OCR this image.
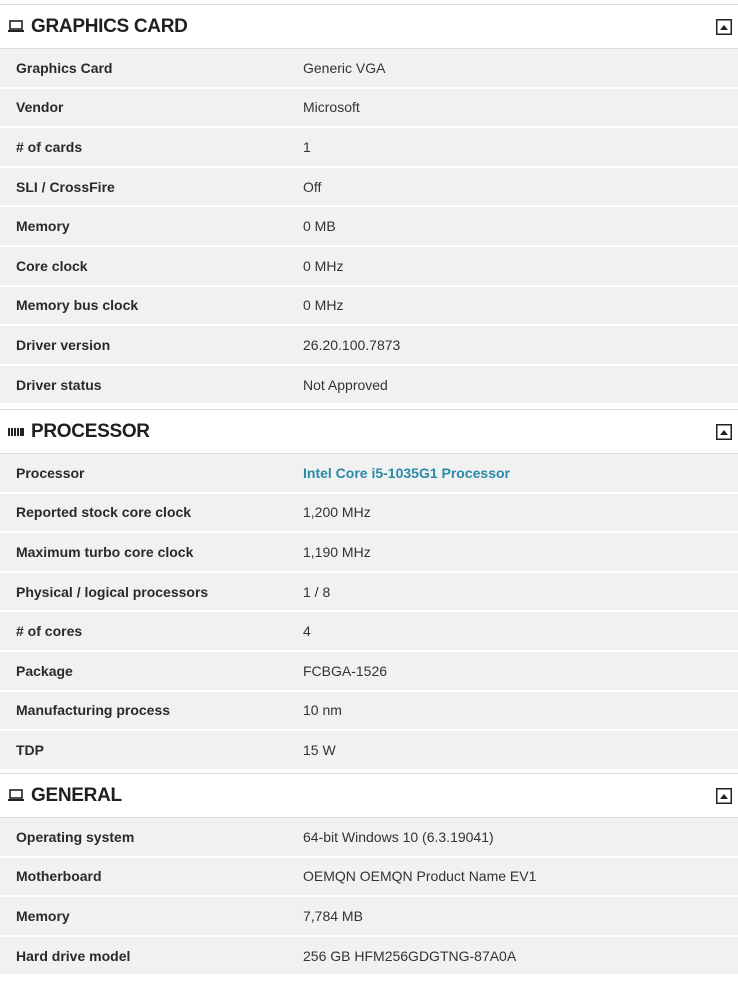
GRAPHICS CARD
Graphics Card	Generic VGA
Vendor	Microsoft
# of cards	1
SLI / CrossFire	Off
Memory	0 MB
Core clock	0 MHz
Memory bus clock	0 MHz
Driver version	26.20.100.7873
Driver status	Not Approved
PROCESSOR
Processor	Intel Core i5-1035G1 Processor
Reported stock core clock	1,200 MHz
Maximum turbo core clock	1,190 MHz
Physical / logical processors	1 / 8
# of cores	4
Package	FCBGA-1526
Manufacturing process	10 nm
TDP	15 W
GENERAL
Operating system	64-bit Windows 10 (6.3.19041)
Motherboard	OEMQN OEMQN Product Name EV1
Memory	7,784 MB
Hard drive model	256 GB HFM256GDGTNG-87A0A
